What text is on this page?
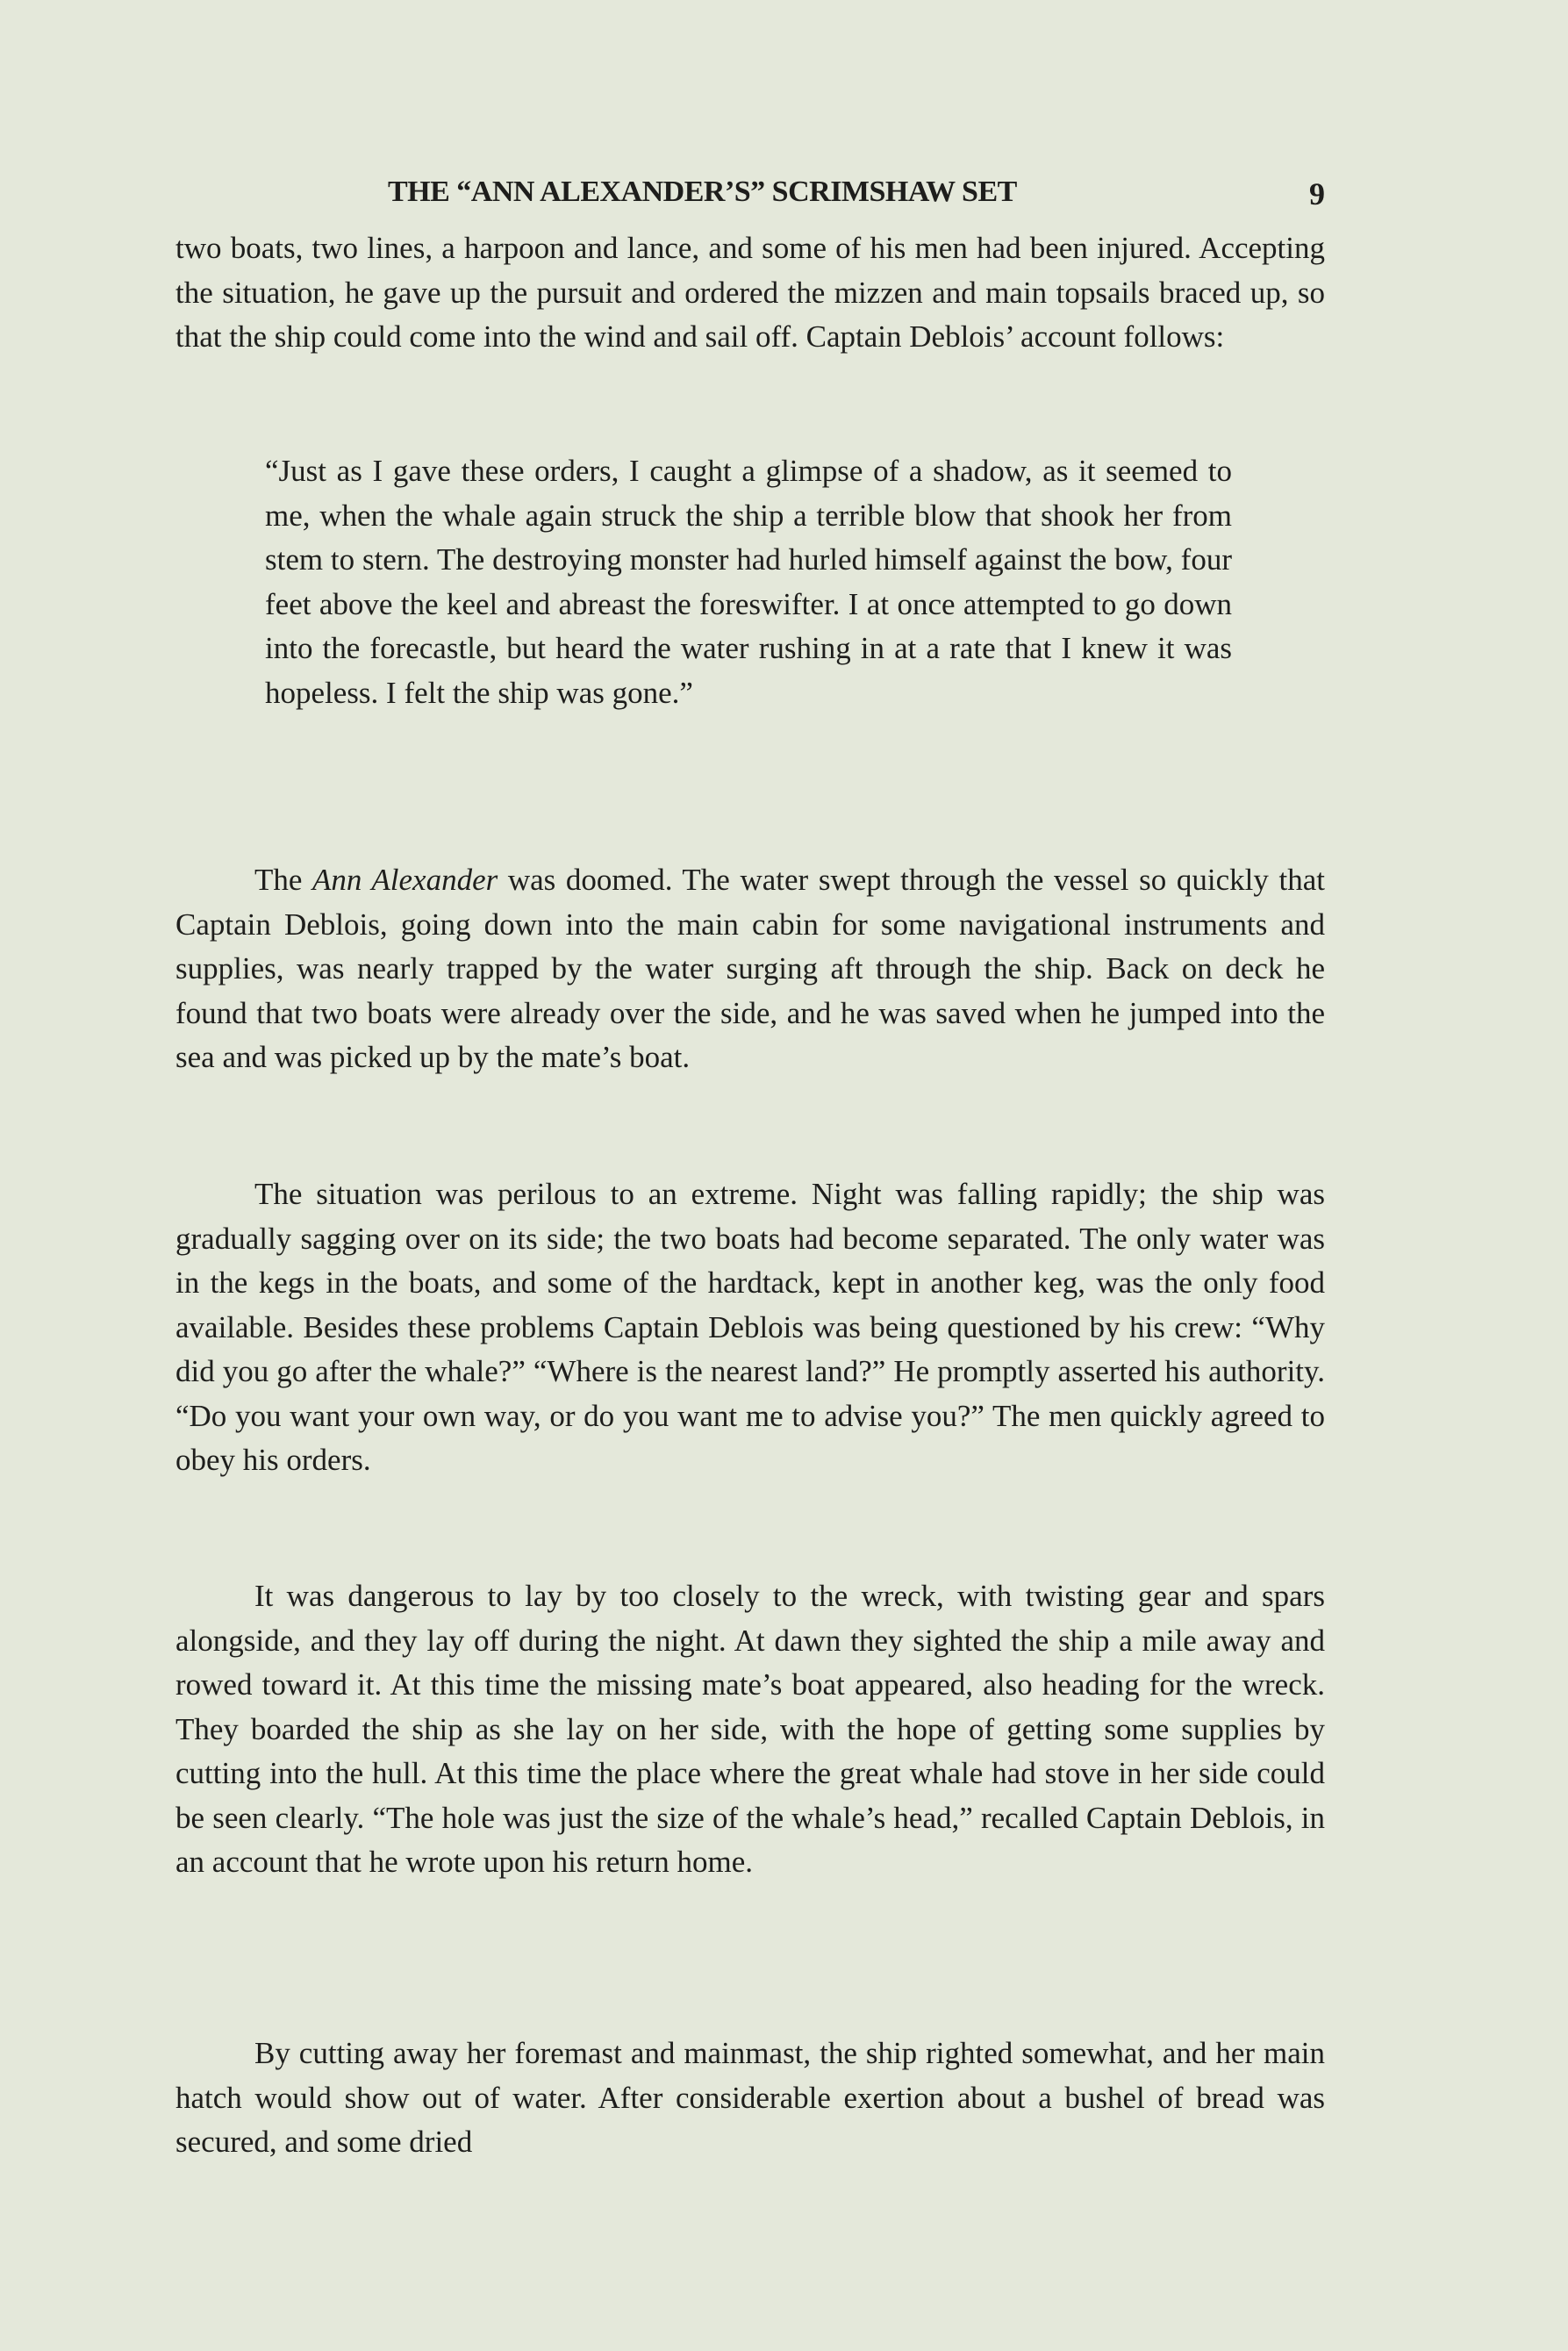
THE “ANN ALEXANDER’S” SCRIMSHAW SET	9

two boats, two lines, a harpoon and lance, and some of his men had been injured. Accepting the situation, he gave up the pursuit and ordered the mizzen and main topsails braced up, so that the ship could come into the wind and sail off. Captain Deblois’ account follows:

“Just as I gave these orders, I caught a glimpse of a shadow, as it seemed to me, when the whale again struck the ship a terrible blow that shook her from stem to stern. The destroying monster had hurled himself against the bow, four feet above the keel and abreast the foreswifter. I at once attempted to go down into the forecastle, but heard the water rushing in at a rate that I knew it was hopeless. I felt the ship was gone.”

The Ann Alexander was doomed. The water swept through the vessel so quickly that Captain Deblois, going down into the main cabin for some navigational instruments and supplies, was nearly trapped by the water surging aft through the ship. Back on deck he found that two boats were already over the side, and he was saved when he jumped into the sea and was picked up by the mate’s boat.

The situation was perilous to an extreme. Night was falling rapidly; the ship was gradually sagging over on its side; the two boats had become separated. The only water was in the kegs in the boats, and some of the hardtack, kept in another keg, was the only food available. Besides these problems Captain Deblois was being questioned by his crew: “Why did you go after the whale?” “Where is the nearest land?” He promptly asserted his authority. “Do you want your own way, or do you want me to advise you?” The men quickly agreed to obey his orders.

It was dangerous to lay by too closely to the wreck, with twisting gear and spars alongside, and they lay off during the night. At dawn they sighted the ship a mile away and rowed toward it. At this time the missing mate’s boat appeared, also heading for the wreck. They boarded the ship as she lay on her side, with the hope of getting some supplies by cutting into the hull. At this time the place where the great whale had stove in her side could be seen clearly. “The hole was just the size of the whale’s head,” recalled Captain Deblois, in an account that he wrote upon his return home.

By cutting away her foremast and mainmast, the ship righted somewhat, and her main hatch would show out of water. After considerable exertion about a bushel of bread was secured, and some dried
